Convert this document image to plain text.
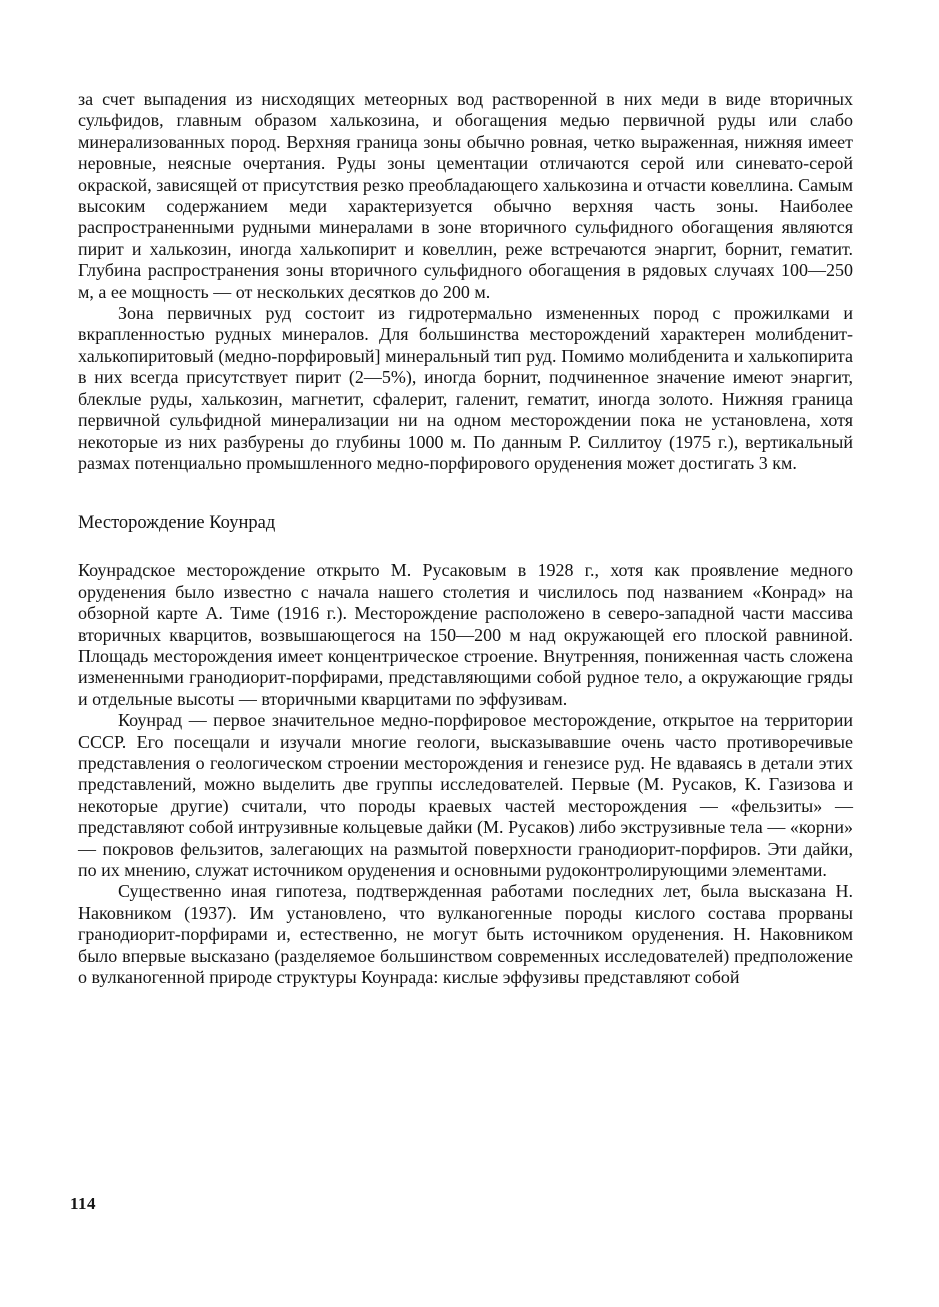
за счет выпадения из нисходящих метеорных вод растворенной в них меди в виде вторичных сульфидов, главным образом халькозина, и обогащения медью первичной руды или слабо минерализованных пород. Верхняя граница зоны обычно ровная, четко выраженная, нижняя имеет неровные, неясные очертания. Руды зоны цементации отличаются серой или синевато-серой окраской, зависящей от присутствия резко преобладающего халькозина и отчасти ковеллина. Самым высоким содержанием меди характеризуется обычно верхняя часть зоны. Наиболее распространенными рудными минералами в зоне вторичного сульфидного обогащения являются пирит и халькозин, иногда халькопирит и ковеллин, реже встречаются энаргит, борнит, гематит. Глубина распространения зоны вторичного сульфидного обогащения в рядовых случаях 100—250 м, а ее мощность — от нескольких десятков до 200 м.

Зона первичных руд состоит из гидротермально измененных пород с прожилками и вкрапленностью рудных минералов. Для большинства месторождений характерен молибденит-халькопиритовый (медно-порфировый] минеральный тип руд. Помимо молибденита и халькопирита в них всегда присутствует пирит (2—5%), иногда борнит, подчиненное значение имеют энаргит, блеклые руды, халькозин, магнетит, сфалерит, галенит, гематит, иногда золото. Нижняя граница первичной сульфидной минерализации ни на одном месторождении пока не установлена, хотя некоторые из них разбурены до глубины 1000 м. По данным Р. Силлитоу (1975 г.), вертикальный размах потенциально промышленного медно-порфирового оруденения может достигать 3 км.

Месторождение Коунрад

Коунрадское месторождение открыто М. Русаковым в 1928 г., хотя как проявление медного оруденения было известно с начала нашего столетия и числилось под названием «Конрад» на обзорной карте А. Тиме (1916 г.). Месторождение расположено в северо-западной части массива вторичных кварцитов, возвышающегося на 150—200 м над окружающей его плоской равниной. Площадь месторождения имеет концентрическое строение. Внутренняя, пониженная часть сложена измененными гранодиорит-порфирами, представляющими собой рудное тело, а окружающие гряды и отдельные высоты — вторичными кварцитами по эффузивам.

Коунрад — первое значительное медно-порфировое месторождение, открытое на территории СССР. Его посещали и изучали многие геологи, высказывавшие очень часто противоречивые представления о геологическом строении месторождения и генезисе руд. Не вдаваясь в детали этих представлений, можно выделить две группы исследователей. Первые (М. Русаков, К. Газизова и некоторые другие) считали, что породы краевых частей месторождения — «фельзиты» — представляют собой интрузивные кольцевые дайки (М. Русаков) либо экструзивные тела — «корни» — покровов фельзитов, залегающих на размытой поверхности гранодиорит-порфиров. Эти дайки, по их мнению, служат источником оруденения и основными рудоконтролирующими элементами.

Существенно иная гипотеза, подтвержденная работами последних лет, была высказана Н. Наковником (1937). Им установлено, что вулканогенные породы кислого состава прорваны гранодиорит-порфирами и, естественно, не могут быть источником оруденения. Н. Наковником было впервые высказано (разделяемое большинством современных исследователей) предположение о вулканогенной природе структуры Коунрада: кислые эффузивы представляют собой

114
